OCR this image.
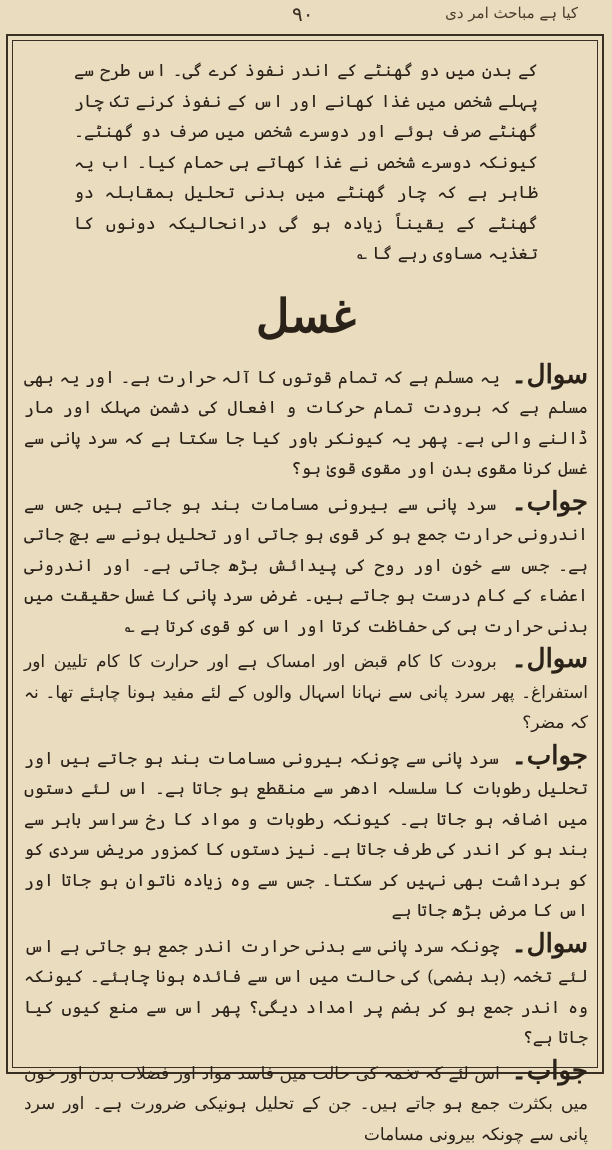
۹۰	کیا ہے مباحث امر دی

کے بدن میں دو گھنٹے کے اندر نفوذ کرے گی۔ اس طرح سے پہلے شخص میں غذا کھانے اور اس کے نفوذ کرنے تک چار گھنٹے صرف ہوئے اور دوسرے شخص میں صرف دو گھنٹے۔ کیونکہ دوسرے شخص نے غذا کھاتے ہی حمام کیا۔ اب یہ ظاہر ہے کہ چار گھنٹے میں بدنی تحلیل بمقابلہ دو گھنٹے کے یقیناً زیادہ ہو گی درانحالیکہ دونوں کا تغذیہ مساوی رہے گا ؎

غسل

سوال۔ یہ مسلم ہے کہ تمام قوتوں کا آلہ حرارت ہے۔ اور یہ بھی مسلم ہے کہ برودت تمام حرکات و افعال کی دشمن مہلک اور مار ڈالنے والی ہے۔ پھر یہ کیونکر باور کیا جا سکتا ہے کہ سرد پانی سے غسل کرنا مقوی بدن اور مقوی قویٰ ہو؟

جواب۔ سرد پانی سے بیرونی مسامات بند ہو جاتے ہیں جس سے اندرونی حرارت جمع ہو کر قوی ہو جاتی اور تحلیل ہونے سے بچ جاتی ہے۔ جس سے خون اور روح کی پیدائش بڑھ جاتی ہے۔ اور اندرونی اعضاء کے کام درست ہو جاتے ہیں۔ غرض سرد پانی کا غسل حقیقت میں بدنی حرارت ہی کی حفاظت کرتا اور اس کو قوی کرتا ہے ؎

سوال۔ برودت کا کام قبض اور امساک ہے اور حرارت کا کام تلیین اور استفراغ۔ پھر سرد پانی سے نہانا اسہال والوں کے لئے مفید ہونا چاہئے تھا۔ نہ کہ مضر؟

جواب۔ سرد پانی سے چونکہ بیرونی مسامات بند ہو جاتے ہیں اور تحلیل رطوبات کا سلسلہ ادھر سے منقطع ہو جاتا ہے۔ اس لئے دستوں میں اضافہ ہو جاتا ہے۔ کیونکہ رطوبات و مواد کا رخ سراسر باہر سے بند ہو کر اندر کی طرف جاتا ہے۔ نیز دستوں کا کمزور مریض سردی کو کو برداشت بھی نہیں کر سکتا۔ جس سے وہ زیادہ ناتوان ہو جاتا اور اس کا مرض بڑھ جاتا ہے

سوال۔ چونکہ سرد پانی سے بدنی حرارت اندر جمع ہو جاتی ہے اس لئے تخمہ (بد ہضمی) کی حالت میں اس سے فائدہ ہونا چاہئے۔ کیونکہ وہ اندر جمع ہو کر ہضم پر امداد دیگی؟ پھر اس سے منع کیوں کیا جاتا ہے؟

جواب۔ اس لئے کہ تخمہ کی حالت میں فاسد مواد اور فضلات بدن اور خون میں بکثرت جمع ہو جاتے ہیں۔ جن کے تحلیل ہونیکی ضرورت ہے۔ اور سرد پانی سے چونکہ بیرونی مسامات
